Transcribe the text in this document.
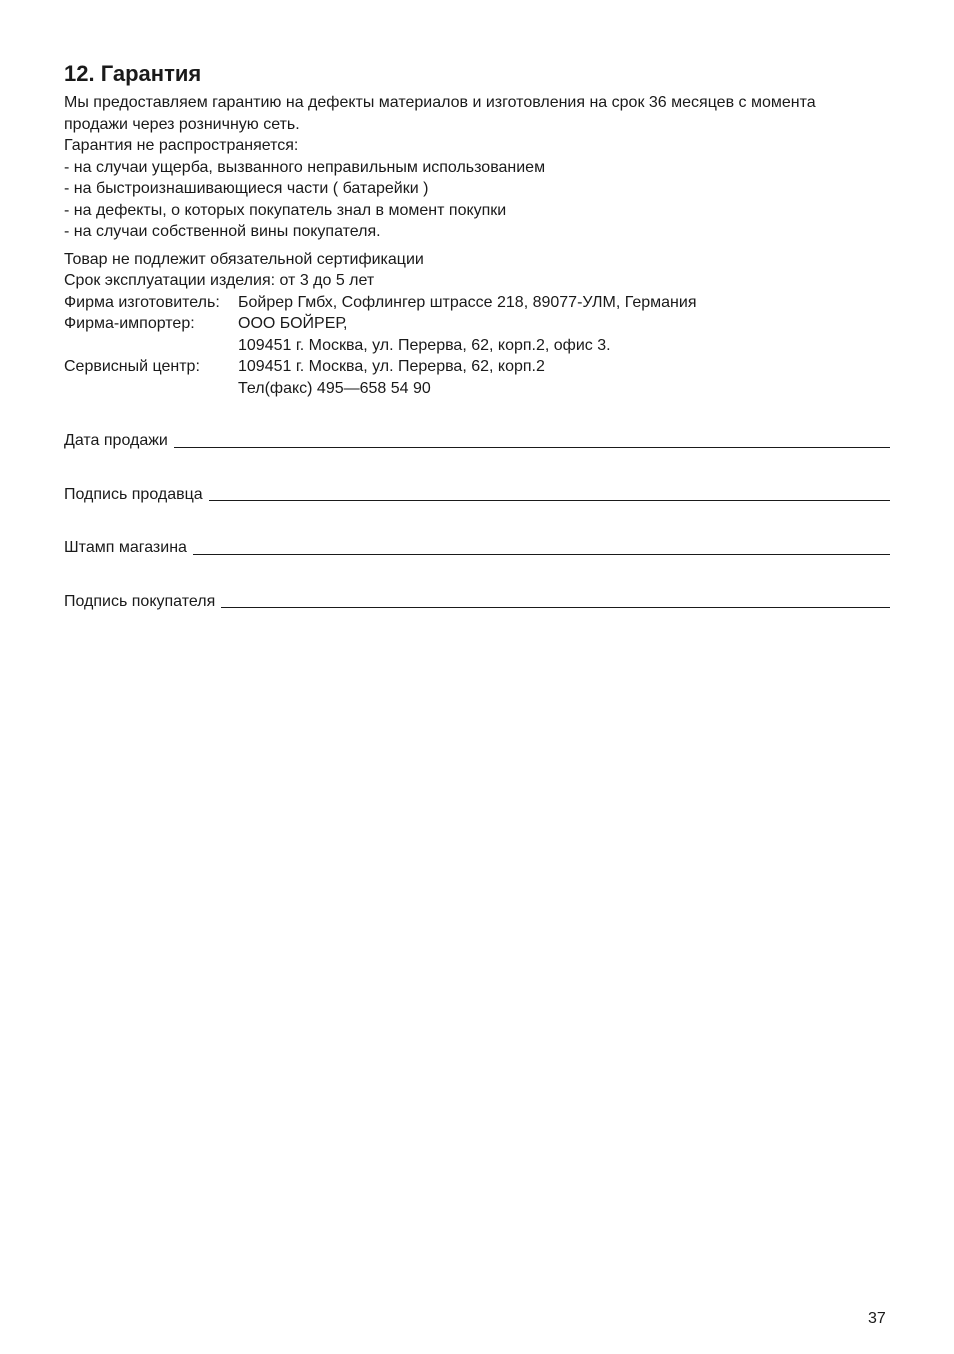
12. Гарантия

Мы предоставляем гарантию на дефекты материалов и изготовления на срок 36 месяцев с момента

продажи через розничную сеть.

Гарантия не распространяется:

- на случаи ущерба, вызванного неправильным использованием
- на быстроизнашивающиеся части ( батарейки )
- на дефекты, о которых покупатель знал в момент покупки
- на случаи собственной вины покупателя.

Товар не подлежит обязательной сертификации

Срок эксплуатации изделия: от 3 до 5 лет

Фирма изготовитель:	Бойрер Гмбх, Софлингер штрассе 218, 89077-УЛМ, Германия
Фирма-импортер:	ООО БОЙРЕР,
109451 г. Москва, ул. Перерва, 62, корп.2, офис 3.
Сервисный центр:	109451 г. Москва, ул. Перерва, 62, корп.2
Тел(факс) 495—658 54 90
Дата продажи
Подпись продавца
Штамп магазина
Подпись покупателя
37
